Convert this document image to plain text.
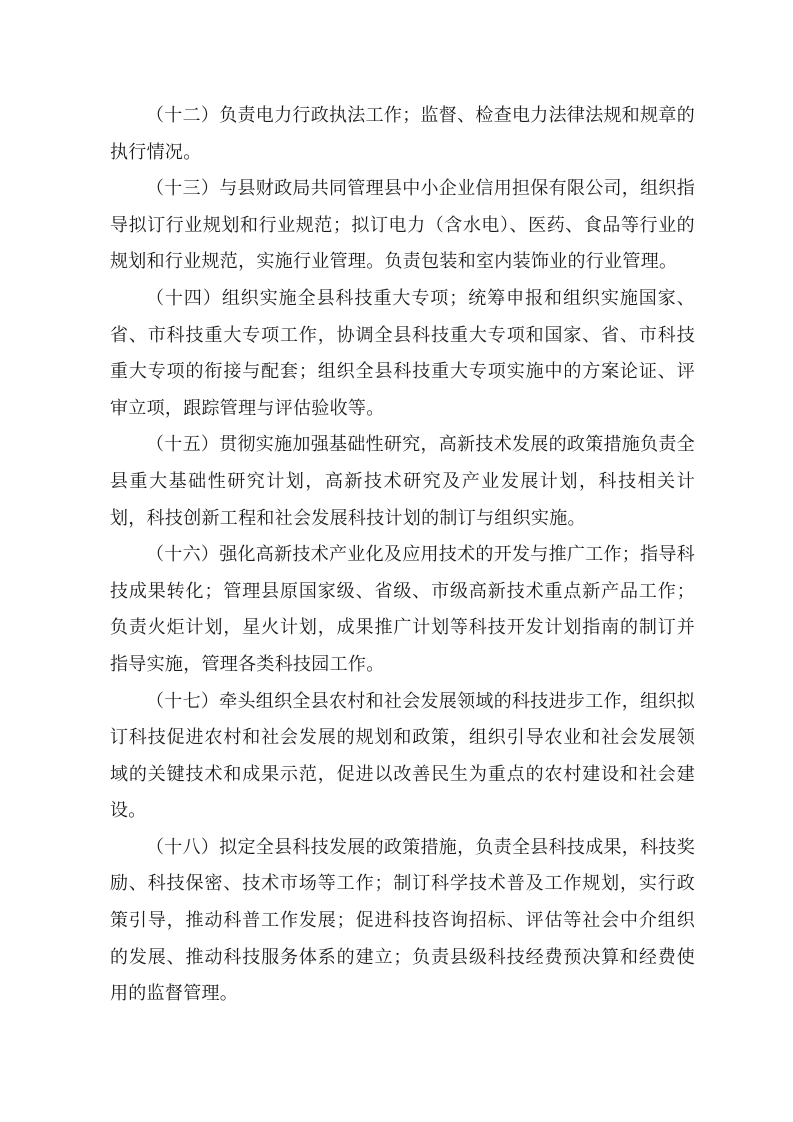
（十二）负责电力行政执法工作；监督、检查电力法律法规和规章的执行情况。

（十三）与县财政局共同管理县中小企业信用担保有限公司，组织指导拟订行业规划和行业规范；拟订电力（含水电）、医药、食品等行业的规划和行业规范，实施行业管理。负责包装和室内装饰业的行业管理。

（十四）组织实施全县科技重大专项；统筹申报和组织实施国家、省、市科技重大专项工作，协调全县科技重大专项和国家、省、市科技重大专项的衔接与配套；组织全县科技重大专项实施中的方案论证、评审立项，跟踪管理与评估验收等。

（十五）贯彻实施加强基础性研究，高新技术发展的政策措施负责全县重大基础性研究计划，高新技术研究及产业发展计划，科技相关计划，科技创新工程和社会发展科技计划的制订与组织实施。

（十六）强化高新技术产业化及应用技术的开发与推广工作；指导科技成果转化；管理县原国家级、省级、市级高新技术重点新产品工作；负责火炬计划，星火计划，成果推广计划等科技开发计划指南的制订并指导实施，管理各类科技园工作。

（十七）牵头组织全县农村和社会发展领域的科技进步工作，组织拟订科技促进农村和社会发展的规划和政策，组织引导农业和社会发展领域的关键技术和成果示范，促进以改善民生为重点的农村建设和社会建设。

（十八）拟定全县科技发展的政策措施，负责全县科技成果，科技奖励、科技保密、技术市场等工作；制订科学技术普及工作规划，实行政策引导，推动科普工作发展；促进科技咨询招标、评估等社会中介组织的发展、推动科技服务体系的建立；负责县级科技经费预决算和经费使用的监督管理。
